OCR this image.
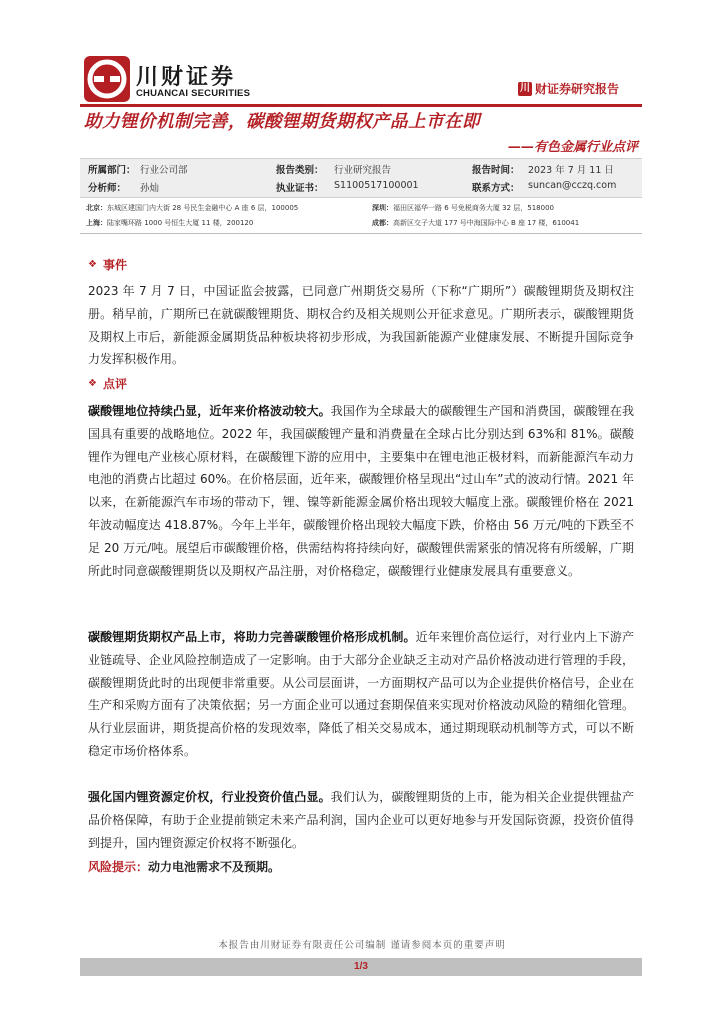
川财证券
CHUANCAI SECURITIES	川 财证券研究报告
助力锂价机制完善，碳酸锂期货期权产品上市在即
——有色金属行业点评
所属部门： 行业公司部	报告类别： 行业研究报告	报告时间： 2023 年 7 月 11 日
分析师： 孙灿	执业证书： S1100517100001	联系方式： suncan@cczq.com
北京：东城区建国门内大街 28 号民生金融中心 A 座 6 层，100005	深圳：福田区福华一路 6 号免税商务大厦 32 层，518000
上海：陆家嘴环路 1000 号恒生大厦 11 楼，200120	成都：高新区交子大道 177 号中海国际中心 B 座 17 楼，610041
❖ 事件
2023 年 7 月 7 日，中国证监会披露，已同意广州期货交易所（下称“广期所”）碳酸锂期货及期权注册。稍早前，广期所已在就碳酸锂期货、期权合约及相关规则公开征求意见。广期所表示，碳酸锂期货及期权上市后，新能源金属期货品种板块将初步形成，为我国新能源产业健康发展、不断提升国际竞争力发挥积极作用。
❖ 点评
碳酸锂地位持续凸显，近年来价格波动较大。我国作为全球最大的碳酸锂生产国和消费国，碳酸锂在我国具有重要的战略地位。2022 年，我国碳酸锂产量和消费量在全球占比分别达到 63%和 81%。碳酸锂作为锂电产业核心原材料，在碳酸锂下游的应用中，主要集中在锂电池正极材料，而新能源汽车动力电池的消费占比超过 60%。在价格层面，近年来，碳酸锂价格呈现出“过山车”式的波动行情。2021 年以来，在新能源汽车市场的带动下，锂、镍等新能源金属价格出现较大幅度上涨。碳酸锂价格在 2021 年波动幅度达 418.87%。今年上半年，碳酸锂价格出现较大幅度下跌，价格由 56 万元/吨的下跌至不足 20 万元/吨。展望后市碳酸锂价格，供需结构将持续向好，碳酸锂供需紧张的情况将有所缓解，广期所此时同意碳酸锂期货以及期权产品注册，对价格稳定，碳酸锂行业健康发展具有重要意义。
碳酸锂期货期权产品上市，将助力完善碳酸锂价格形成机制。近年来锂价高位运行，对行业内上下游产业链疏导、企业风险控制造成了一定影响。由于大部分企业缺乏主动对产品价格波动进行管理的手段，碳酸锂期货此时的出现便非常重要。从公司层面讲，一方面期权产品可以为企业提供价格信号，企业在生产和采购方面有了决策依据；另一方面企业可以通过套期保值来实现对价格波动风险的精细化管理。从行业层面讲，期货提高价格的发现效率，降低了相关交易成本，通过期现联动机制等方式，可以不断稳定市场价格体系。
强化国内锂资源定价权，行业投资价值凸显。我们认为，碳酸锂期货的上市，能为相关企业提供锂盐产品价格保障，有助于企业提前锁定未来产品利润，国内企业可以更好地参与开发国际资源，投资价值得到提升，国内锂资源定价权将不断强化。
风险提示：动力电池需求不及预期。
本报告由川财证券有限责任公司编制 谨请参阅本页的重要声明
1/3
